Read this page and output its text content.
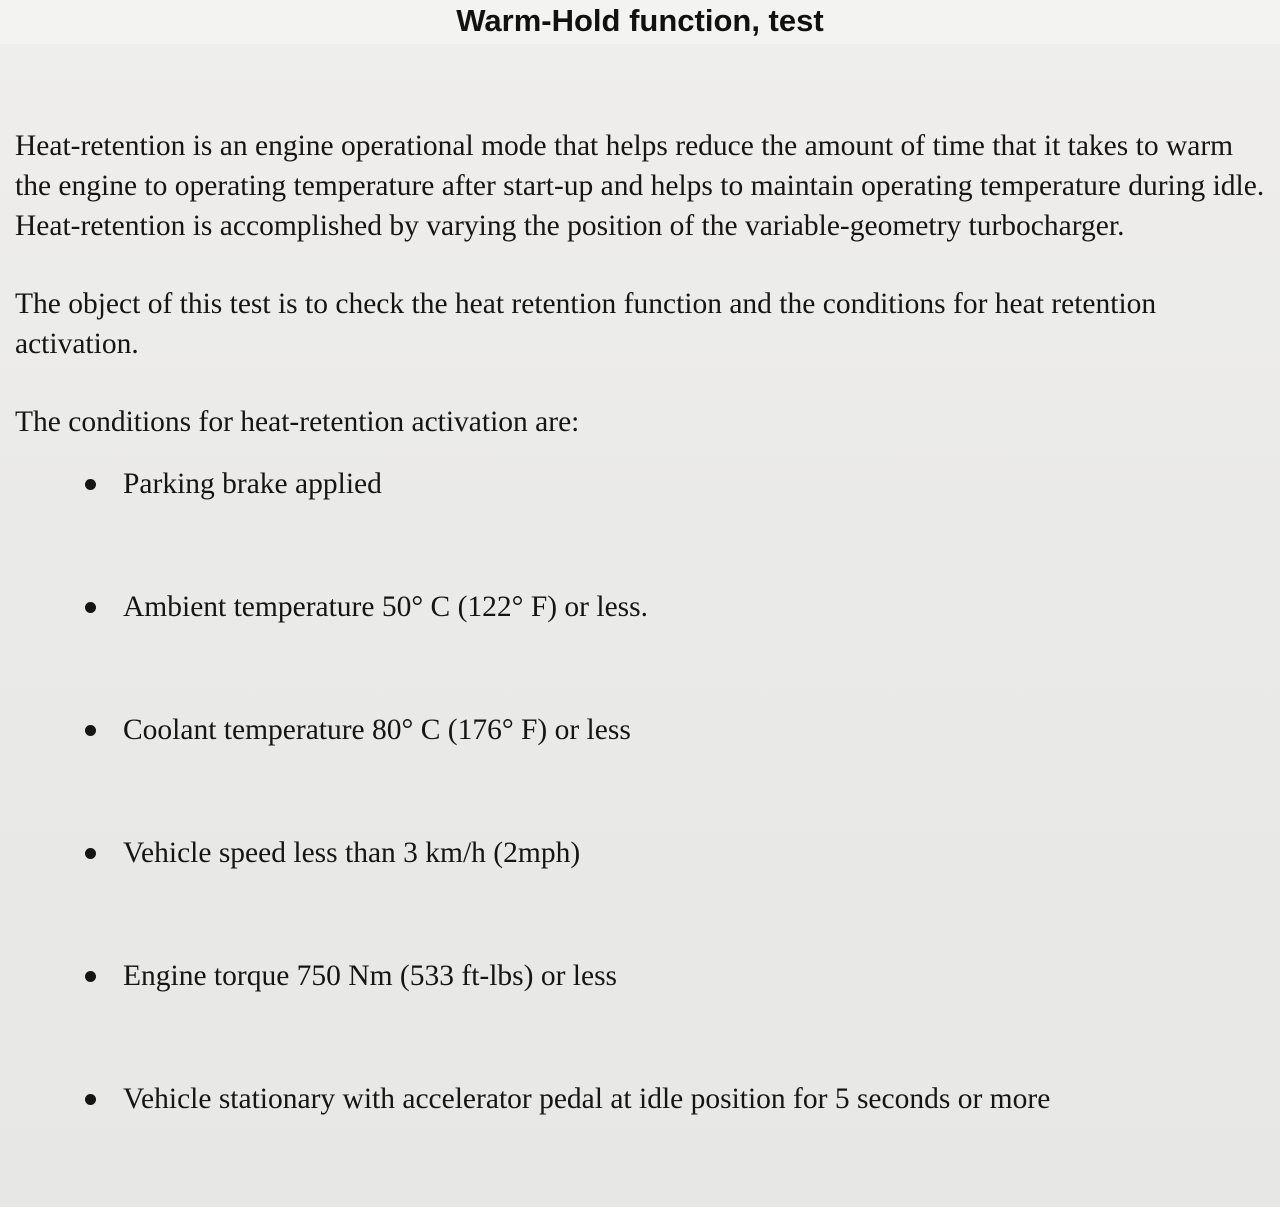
Warm-Hold function, test

Heat-retention is an engine operational mode that helps reduce the amount of time that it takes to warm the engine to operating temperature after start-up and helps to maintain operating temperature during idle. Heat-retention is accomplished by varying the position of the variable-geometry turbocharger.

The object of this test is to check the heat retention function and the conditions for heat retention activation.

The conditions for heat-retention activation are:

Parking brake applied
Ambient temperature 50° C (122° F) or less.
Coolant temperature 80° C (176° F) or less
Vehicle speed less than 3 km/h (2mph)
Engine torque 750 Nm (533 ft-lbs) or less
Vehicle stationary with accelerator pedal at idle position for 5 seconds or more
